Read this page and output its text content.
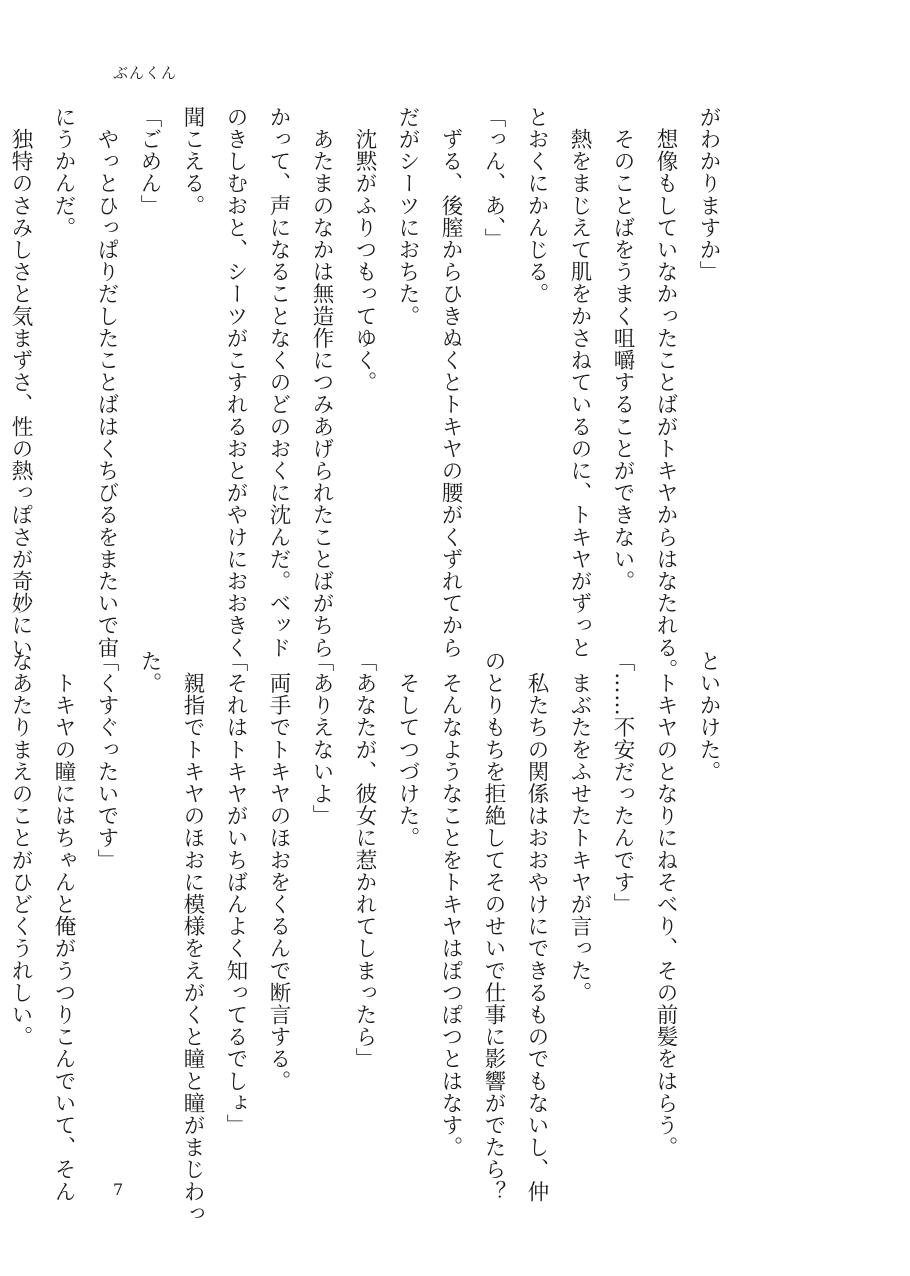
ぶんくん
がわかりますか」
　想像もしていなかったことばがトキヤからはなたれる。
　そのことばをうまく咀嚼することができない。
　熱をまじえて肌をかさねているのに、トキヤがずっと
とおくにかんじる。
「っん、あ、」
　ずる、後膣からひきぬくとトキヤの腰がくずれてから
だがシーツにおちた。
　沈黙がふりつもってゆく。
　あたまのなかは無造作につみあげられたことばがちら
かって、声になることなくのどのおくに沈んだ。ベッド
のきしむおと、シーツがこすれるおとがやけにおおきく
聞こえる。
「ごめん」
　やっとひっぱりだしたことばはくちびるをまたいで宙
にうかんだ。
　独特のさみしさと気まずさ、性の熱っぽさが奇妙にい
といかけた。
　トキヤのとなりにねそべり、その前髪をはらう。
「……不安だったんです」
　まぶたをふせたトキヤが言った。
　私たちの関係はおおやけにできるものでもないし、仲
のとりもちを拒絶してそのせいで仕事に影響がでたら？
　そんなようなことをトキヤはぽつぽつとはなす。
　そしてつづけた。
「あなたが、彼女に惹かれてしまったら」
「ありえないよ」
　両手でトキヤのほおをくるんで断言する。
「それはトキヤがいちばんよく知ってるでしょ」
　親指でトキヤのほおに模様をえがくと瞳と瞳がまじわっ
た。
「くすぐったいです」
　トキヤの瞳にはちゃんと俺がうつりこんでいて、そん
なあたりまえのことがひどくうれしい。
7
